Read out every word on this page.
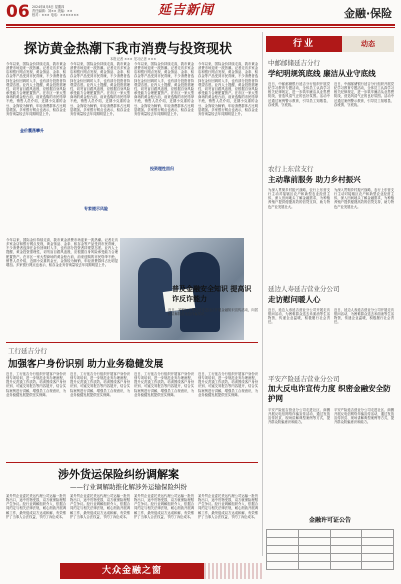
06 2024年8月8日 星期四
责任编辑：刘×× 美编：××
校对：××× 电话：×××××××	延吉新闻	金融·保险
探访黄金热潮下我市消费与投资现状
本报记者 ××× 见习记者 ×××
今年以来，国际金价持续走高，我市黄金消费市场迎来一波热潮。记者走访多家金店和银行网点发现，黄金饰品、金条、积存金等产品受到市民青睐，不少消费者选择在金价回调时入手，也有部分投资者持观望态度。业内人士提醒，黄金投资需理性，切勿盲目跟风追涨，应根据自身风险承受能力合理配置资产。在市区一家大型商场的黄金柜台前，前来选购的市民络绎不绝，销售人员介绍，近期小克重的金豆、金饰较为畅销，年轻消费群体占比明显增加。多家银行网点也表示，积存金业务咨询量较去年同期明显上升。
今年以来，国际金价持续走高，我市黄金消费市场迎来一波热潮。记者走访多家金店和银行网点发现，黄金饰品、金条、积存金等产品受到市民青睐，不少消费者选择在金价回调时入手，也有部分投资者持观望态度。业内人士提醒，黄金投资需理性，切勿盲目跟风追涨，应根据自身风险承受能力合理配置资产。在市区一家大型商场的黄金柜台前，前来选购的市民络绎不绝，销售人员介绍，近期小克重的金豆、金饰较为畅销，年轻消费群体占比明显增加。多家银行网点也表示，积存金业务咨询量较去年同期明显上升。
今年以来，国际金价持续走高，我市黄金消费市场迎来一波热潮。记者走访多家金店和银行网点发现，黄金饰品、金条、积存金等产品受到市民青睐，不少消费者选择在金价回调时入手，也有部分投资者持观望态度。业内人士提醒，黄金投资需理性，切勿盲目跟风追涨，应根据自身风险承受能力合理配置资产。在市区一家大型商场的黄金柜台前，前来选购的市民络绎不绝，销售人员介绍，近期小克重的金豆、金饰较为畅销，年轻消费群体占比明显增加。多家银行网点也表示，积存金业务咨询量较去年同期明显上升。
今年以来，国际金价持续走高，我市黄金消费市场迎来一波热潮。记者走访多家金店和银行网点发现，黄金饰品、金条、积存金等产品受到市民青睐，不少消费者选择在金价回调时入手，也有部分投资者持观望态度。业内人士提醒，黄金投资需理性，切勿盲目跟风追涨，应根据自身风险承受能力合理配置资产。在市区一家大型商场的黄金柜台前，前来选购的市民络绎不绝，销售人员介绍，近期小克重的金豆、金饰较为畅销，年轻消费群体占比明显增加。多家银行网点也表示，积存金业务咨询量较去年同期明显上升。
金价震荡攀升
投资理性回归
专家提示风险
今年以来，国际金价持续走高，我市黄金消费市场迎来一波热潮。记者走访多家金店和银行网点发现，黄金饰品、金条、积存金等产品受到市民青睐，不少消费者选择在金价回调时入手，也有部分投资者持观望态度。业内人士提醒，黄金投资需理性，切勿盲目跟风追涨，应根据自身风险承受能力合理配置资产。在市区一家大型商场的黄金柜台前，前来选购的市民络绎不绝，销售人员介绍，近期小克重的金豆、金饰较为畅销，年轻消费群体占比明显增加。多家银行网点也表示，积存金业务咨询量较去年同期明显上升。
普及金融安全知识 提高识诈反诈能力
近日，某银行工作人员走进社区开展金融知识宣传活动，向居民讲解防范电信诈骗常识。
行业	动态
中邮邮储延吉分行
学纪明规筑底线 廉洁从业守底线
近日，中邮邮储银行延吉分行组织开展党纪学习教育专题活动，全体员工认真学习相关纪律规定，进一步筑牢廉洁从业思想防线，营造风清气正的良好氛围。活动中还通过案例警示教育，引导员工知敬畏、存戒惧、守底线。
近日，中邮邮储银行延吉分行组织开展党纪学习教育专题活动，全体员工认真学习相关纪律规定，进一步筑牢廉洁从业思想防线，营造风清气正的良好氛围。活动中还通过案例警示教育，引导员工知敬畏、存戒惧、守底线。
农行上东营支行
主动靠前服务 助力乡村振兴
为深入贯彻乡村振兴战略，农行上东营支行主动对接辖区农户和新型农业经营主体，深入田间地头了解金融需求，为种植养殖户提供便捷高效的信贷支持，助力特色产业发展壮大。
为深入贯彻乡村振兴战略，农行上东营支行主动对接辖区农户和新型农业经营主体，深入田间地头了解金融需求，为种植养殖户提供便捷高效的信贷支持，助力特色产业发展壮大。
延边人寿延吉营业分公司
走访慰问暖人心
近日，延边人寿延吉营业分公司开展走访慰问活动，为困难群众送去米面油等生活物资，传递企业温暖，积极履行社会责任。
近日，延边人寿延吉营业分公司开展走访慰问活动，为困难群众送去米面油等生活物资，传递企业温暖，积极履行社会责任。
平安产险延吉营业分公司
加大反电诈宣传力度 织密金融安全防护网
平安产险延吉营业分公司走进社区、商圈开展反电信网络诈骗宣传活动，通过发放宣传折页、现场讲解典型案例等方式，提升群众防骗意识和能力。
平安产险延吉营业分公司走进社区、商圈开展反电信网络诈骗宣传活动，通过发放宣传折页、现场讲解典型案例等方式，提升群众防骗意识和能力。
工行延吉分行
加强客户身份识别 助力业务稳健发展
近日，工行延吉分行组织开展客户身份识别专项培训，进一步规范业务办理流程，提升反洗钱工作质效。培训围绕客户身份识别、可疑交易报告等内容展开，结合实际案例进行讲解，增强员工合规意识，为业务稳健发展提供坚实保障。
近日，工行延吉分行组织开展客户身份识别专项培训，进一步规范业务办理流程，提升反洗钱工作质效。培训围绕客户身份识别、可疑交易报告等内容展开，结合实际案例进行讲解，增强员工合规意识，为业务稳健发展提供坚实保障。
近日，工行延吉分行组织开展客户身份识别专项培训，进一步规范业务办理流程，提升反洗钱工作质效。培训围绕客户身份识别、可疑交易报告等内容展开，结合实际案例进行讲解，增强员工合规意识，为业务稳健发展提供坚实保障。
近日，工行延吉分行组织开展客户身份识别专项培训，进一步规范业务办理流程，提升反洗钱工作质效。培训围绕客户身份识别、可疑交易报告等内容展开，结合实际案例进行讲解，增强员工合规意识，为业务稳健发展提供坚实保障。
涉外货运保险纠纷调解案
——行业调解助推化解涉外运输保险纠纷
某外贸企业委托货运代理公司运输一批货物出口，途中货物受损，双方就保险理赔产生争议。经行业调解组织介入，依据合同约定与相关法律法规，耐心细致开展调解工作，最终促成双方达成和解，有效维护了当事人合法权益，节约了诉讼成本。
某外贸企业委托货运代理公司运输一批货物出口，途中货物受损，双方就保险理赔产生争议。经行业调解组织介入，依据合同约定与相关法律法规，耐心细致开展调解工作，最终促成双方达成和解，有效维护了当事人合法权益，节约了诉讼成本。
某外贸企业委托货运代理公司运输一批货物出口，途中货物受损，双方就保险理赔产生争议。经行业调解组织介入，依据合同约定与相关法律法规，耐心细致开展调解工作，最终促成双方达成和解，有效维护了当事人合法权益，节约了诉讼成本。
某外贸企业委托货运代理公司运输一批货物出口，途中货物受损，双方就保险理赔产生争议。经行业调解组织介入，依据合同约定与相关法律法规，耐心细致开展调解工作，最终促成双方达成和解，有效维护了当事人合法权益，节约了诉讼成本。
大众金融之窗
金融许可证公告
